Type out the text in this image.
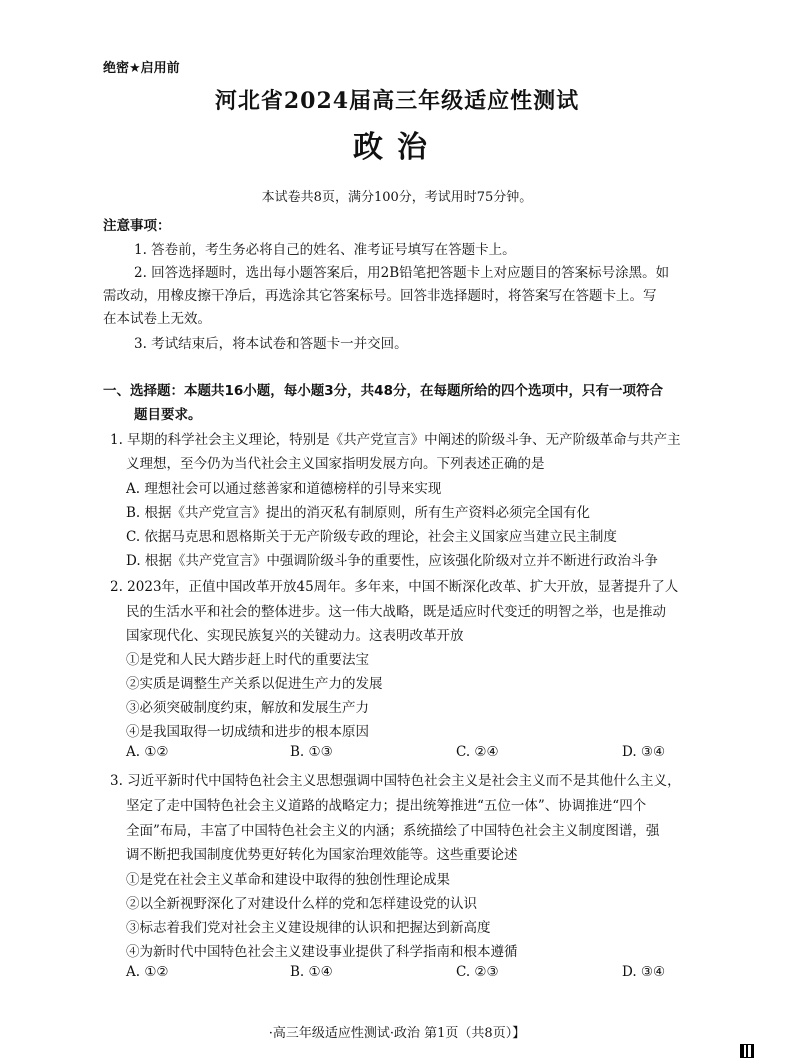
绝密★启用前
河北省2024届高三年级适应性测试
政治
本试卷共8页，满分100分，考试用时75分钟。
注意事项：
1. 答卷前，考生务必将自己的姓名、准考证号填写在答题卡上。
2. 回答选择题时，选出每小题答案后，用2B铅笔把答题卡上对应题目的答案标号涂黑。如
需改动，用橡皮擦干净后，再选涂其它答案标号。回答非选择题时，将答案写在答题卡上。写
在本试卷上无效。
3. 考试结束后，将本试卷和答题卡一并交回。
一、选择题：本题共16小题，每小题3分，共48分，在每题所给的四个选项中，只有一项符合
题目要求。
1. 早期的科学社会主义理论，特别是《共产党宣言》中阐述的阶级斗争、无产阶级革命与共产主
义理想，至今仍为当代社会主义国家指明发展方向。下列表述正确的是
A. 理想社会可以通过慈善家和道德榜样的引导来实现
B. 根据《共产党宣言》提出的消灭私有制原则，所有生产资料必须完全国有化
C. 依据马克思和恩格斯关于无产阶级专政的理论，社会主义国家应当建立民主制度
D. 根据《共产党宣言》中强调阶级斗争的重要性，应该强化阶级对立并不断进行政治斗争
2. 2023年，正值中国改革开放45周年。多年来，中国不断深化改革、扩大开放，显著提升了人
民的生活水平和社会的整体进步。这一伟大战略，既是适应时代变迁的明智之举，也是推动
国家现代化、实现民族复兴的关键动力。这表明改革开放
①是党和人民大踏步赶上时代的重要法宝
②实质是调整生产关系以促进生产力的发展
③必须突破制度约束，解放和发展生产力
④是我国取得一切成绩和进步的根本原因
A. ①②	B. ①③	C. ②④	D. ③④
3. 习近平新时代中国特色社会主义思想强调中国特色社会主义是社会主义而不是其他什么主义，
坚定了走中国特色社会主义道路的战略定力；提出统筹推进“五位一体”、协调推进“四个
全面”布局，丰富了中国特色社会主义的内涵；系统描绘了中国特色社会主义制度图谱，强
调不断把我国制度优势更好转化为国家治理效能等。这些重要论述
①是党在社会主义革命和建设中取得的独创性理论成果
②以全新视野深化了对建设什么样的党和怎样建设党的认识
③标志着我们党对社会主义建设规律的认识和把握达到新高度
④为新时代中国特色社会主义建设事业提供了科学指南和根本遵循
A. ①②	B. ①④	C. ②③	D. ③④
·高三年级适应性测试·政治 第1页（共8页）】
